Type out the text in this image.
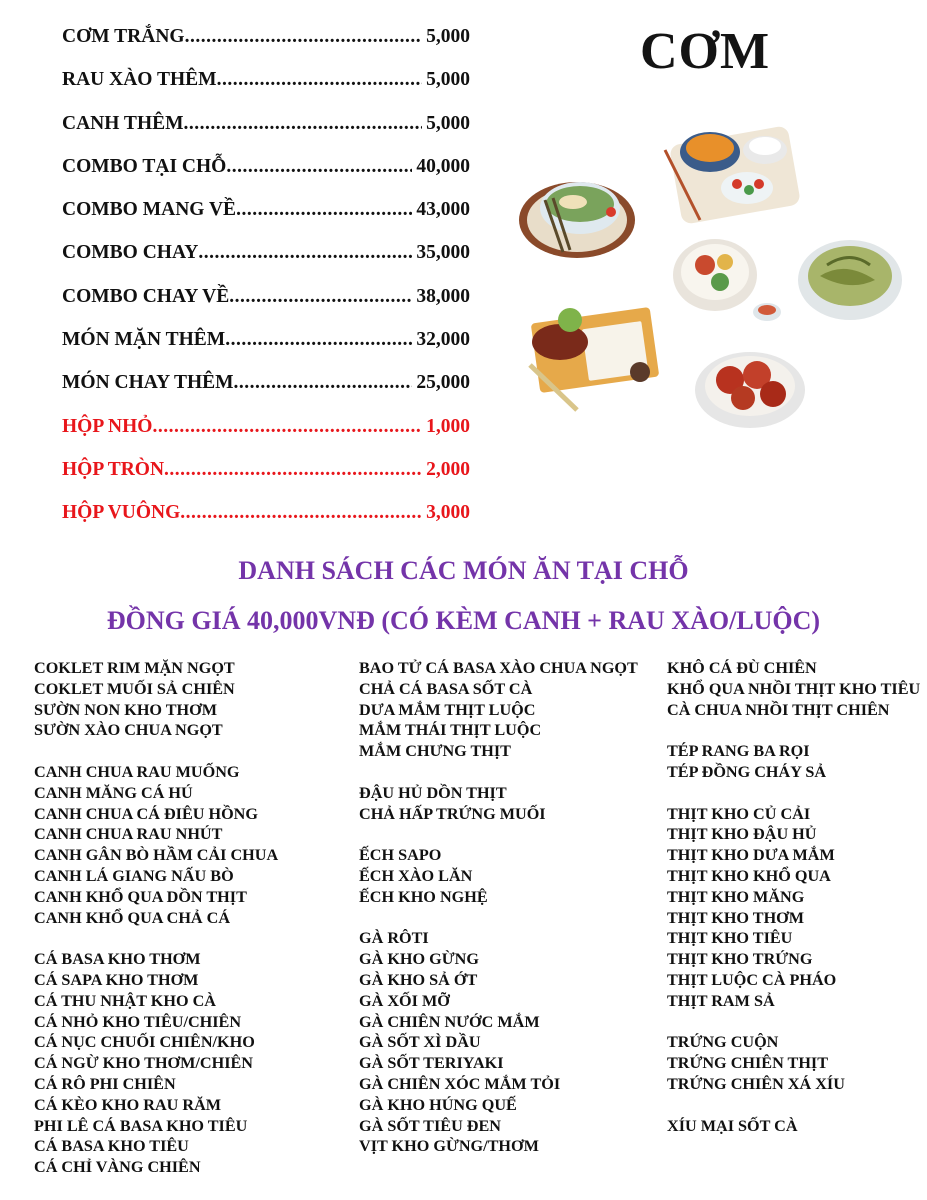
CƠM TRẮNG .....	5,000
RAU XÀO THÊM .....	5,000
CANH THÊM .....	5,000
COMBO TẠI CHỖ .....	40,000
COMBO MANG VỀ .....	43,000
COMBO CHAY .....	35,000
COMBO CHAY VỀ .....	38,000
MÓN MẶN THÊM .....	32,000
MÓN CHAY THÊM .....	25,000
HỘP NHỎ .....	1,000
HỘP TRÒN .....	2,000
HỘP VUÔNG .....	3,000
CƠM
DANH SÁCH CÁC MÓN ĂN TẠI CHỖ
ĐỒNG GIÁ 40,000VNĐ (CÓ KÈM CANH + RAU XÀO/LUỘC)
COKLET RIM MẶN NGỌT
COKLET MUỐI SẢ CHIÊN
SƯỜN NON KHO THƠM
SƯỜN XÀO CHUA NGỌT
CANH CHUA RAU MUỐNG
CANH MĂNG CÁ HÚ
CANH CHUA CÁ ĐIÊU HỒNG
CANH CHUA RAU NHÚT
CANH GÂN BÒ HẦM CẢI CHUA
CANH LÁ GIANG NẤU BÒ
CANH KHỔ QUA DỒN THỊT
CANH KHỔ QUA CHẢ CÁ
CÁ BASA KHO THƠM
CÁ SAPA KHO THƠM
CÁ THU NHẬT KHO CÀ
CÁ NHỎ KHO TIÊU/CHIÊN
CÁ NỤC CHUỐI CHIÊN/KHO
CÁ NGỪ KHO THƠM/CHIÊN
CÁ RÔ PHI CHIÊN
CÁ KÈO KHO RAU RĂM
PHI LÊ CÁ BASA KHO TIÊU
CÁ BASA KHO TIÊU
CÁ CHỈ VÀNG CHIÊN
BAO TỬ CÁ BASA XÀO CHUA NGỌT
CHẢ CÁ BASA SỐT CÀ
DƯA MẮM THỊT LUỘC
MẮM THÁI THỊT LUỘC
MẮM CHƯNG THỊT
ĐẬU HỦ DỒN THỊT
CHẢ HẤP TRỨNG MUỐI
ẾCH SAPO
ẾCH XÀO LĂN
ẾCH KHO NGHỆ
GÀ RÔTI
GÀ KHO GỪNG
GÀ KHO SẢ ỚT
GÀ XỐI MỠ
GÀ CHIÊN NƯỚC MẮM
GÀ SỐT XÌ DẦU
GÀ SỐT TERIYAKI
GÀ CHIÊN XÓC MẮM TỎI
GÀ KHO HÚNG QUẾ
GÀ SỐT TIÊU ĐEN
VỊT KHO GỪNG/THƠM
KHÔ CÁ ĐÙ CHIÊN
KHỔ QUA NHỒI THỊT KHO TIÊU
CÀ CHUA NHỒI THỊT CHIÊN
TÉP RANG BA RỌI
TÉP ĐỒNG CHÁY SẢ
THỊT KHO CỦ CẢI
THỊT KHO ĐẬU HỦ
THỊT KHO DƯA MẮM
THỊT KHO KHỔ QUA
THỊT KHO MĂNG
THỊT KHO THƠM
THỊT KHO TIÊU
THỊT KHO TRỨNG
THỊT LUỘC CÀ PHÁO
THỊT RAM SẢ
TRỨNG CUỘN
TRỨNG CHIÊN THỊT
TRỨNG CHIÊN XÁ XÍU
XÍU MẠI SỐT CÀ
